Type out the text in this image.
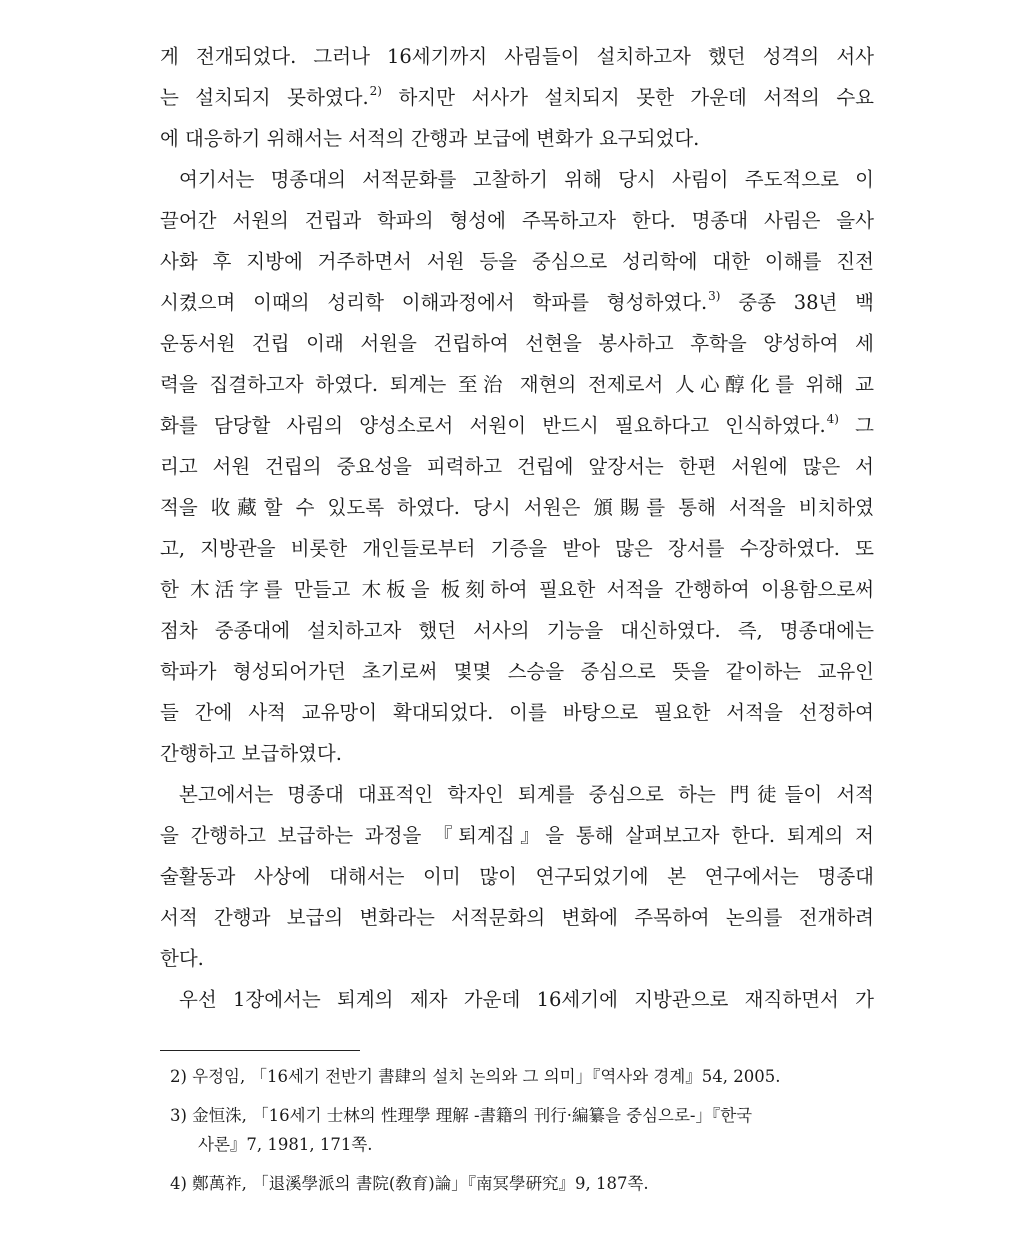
게 전개되었다. 그러나 16세기까지 사림들이 설치하고자 했던 성격의 서사
는 설치되지 못하였다.$^{2)}$ 하지만 서사가 설치되지 못한 가운데 서적의 수요
에 대응하기 위해서는 서적의 간행과 보급에 변화가 요구되었다.
여기서는 명종대의 서적문화를 고찰하기 위해 당시 사림이 주도적으로 이
끌어간 서원의 건립과 학파의 형성에 주목하고자 한다. 명종대 사림은 을사
사화 후 지방에 거주하면서 서원 등을 중심으로 성리학에 대한 이해를 진전
시켰으며 이때의 성리학 이해과정에서 학파를 형성하였다.$^{3)}$ 중종 38년 백
운동서원 건립 이래 서원을 건립하여 선현을 봉사하고 후학을 양성하여 세
력을 집결하고자 하였다. 퇴계는 至治 재현의 전제로서 人心醇化를 위해 교
화를 담당할 사림의 양성소로서 서원이 반드시 필요하다고 인식하였다.$^{4)}$ 그
리고 서원 건립의 중요성을 피력하고 건립에 앞장서는 한편 서원에 많은 서
적을 收藏할 수 있도록 하였다. 당시 서원은 頒賜를 통해 서적을 비치하였
고, 지방관을 비롯한 개인들로부터 기증을 받아 많은 장서를 수장하였다. 또
한 木活字를 만들고 木板을 板刻하여 필요한 서적을 간행하여 이용함으로써
점차 중종대에 설치하고자 했던 서사의 기능을 대신하였다. 즉, 명종대에는
학파가 형성되어가던 초기로써 몇몇 스승을 중심으로 뜻을 같이하는 교유인
들 간에 사적 교유망이 확대되었다. 이를 바탕으로 필요한 서적을 선정하여
간행하고 보급하였다.
본고에서는 명종대 대표적인 학자인 퇴계를 중심으로 하는 門徒들이 서적
을 간행하고 보급하는 과정을 『퇴계집』을 통해 살펴보고자 한다. 퇴계의 저
술활동과 사상에 대해서는 이미 많이 연구되었기에 본 연구에서는 명종대
서적 간행과 보급의 변화라는 서적문화의 변화에 주목하여 논의를 전개하려
한다.
우선 1장에서는 퇴계의 제자 가운데 16세기에 지방관으로 재직하면서 가
2) 우정임, 「16세기 전반기 書肆의 설치 논의와 그 의미」『역사와 경계』54, 2005.
3) 金恒洙, 「16세기 士林의 性理學 理解 -書籍의 刊行·編纂을 중심으로-」『한국
사론』7, 1981, 171쪽.
4) 鄭萬祚, 「退溪學派의 書院(敎育)論」『南冥學硏究』9, 187쪽.
